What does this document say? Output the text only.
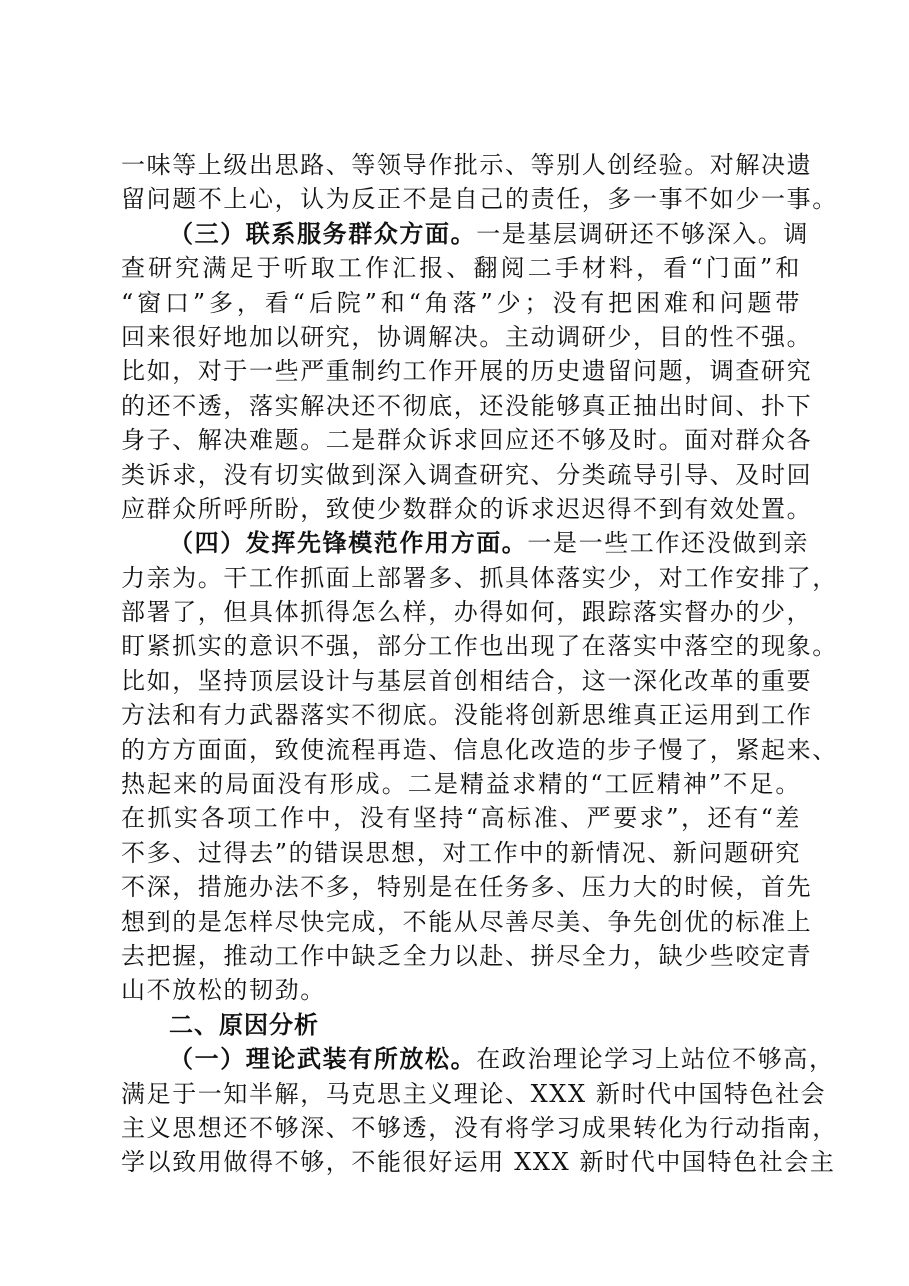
一味等上级出思路、等领导作批示、等别人创经验。对解决遗
留问题不上心，认为反正不是自己的责任，多一事不如少一事。
（三）联系服务群众方面。一是基层调研还不够深入。调
查研究满足于听取工作汇报、翻阅二手材料，看“门面”和
“窗口”多，看“后院”和“角落”少；没有把困难和问题带
回来很好地加以研究，协调解决。主动调研少，目的性不强。
比如，对于一些严重制约工作开展的历史遗留问题，调查研究
的还不透，落实解决还不彻底，还没能够真正抽出时间、扑下
身子、解决难题。二是群众诉求回应还不够及时。面对群众各
类诉求，没有切实做到深入调查研究、分类疏导引导、及时回
应群众所呼所盼，致使少数群众的诉求迟迟得不到有效处置。
（四）发挥先锋模范作用方面。一是一些工作还没做到亲
力亲为。干工作抓面上部署多、抓具体落实少，对工作安排了，
部署了，但具体抓得怎么样，办得如何，跟踪落实督办的少，
盯紧抓实的意识不强，部分工作也出现了在落实中落空的现象。
比如，坚持顶层设计与基层首创相结合，这一深化改革的重要
方法和有力武器落实不彻底。没能将创新思维真正运用到工作
的方方面面，致使流程再造、信息化改造的步子慢了，紧起来、
热起来的局面没有形成。二是精益求精的“工匠精神”不足。
在抓实各项工作中，没有坚持“高标准、严要求”，还有“差
不多、过得去”的错误思想，对工作中的新情况、新问题研究
不深，措施办法不多，特别是在任务多、压力大的时候，首先
想到的是怎样尽快完成，不能从尽善尽美、争先创优的标准上
去把握，推动工作中缺乏全力以赴、拼尽全力，缺少些咬定青
山不放松的韧劲。
二、原因分析
（一）理论武装有所放松。在政治理论学习上站位不够高，
满足于一知半解，马克思主义理论、XXX 新时代中国特色社会
主义思想还不够深、不够透，没有将学习成果转化为行动指南，
学以致用做得不够，不能很好运用 XXX 新时代中国特色社会主
